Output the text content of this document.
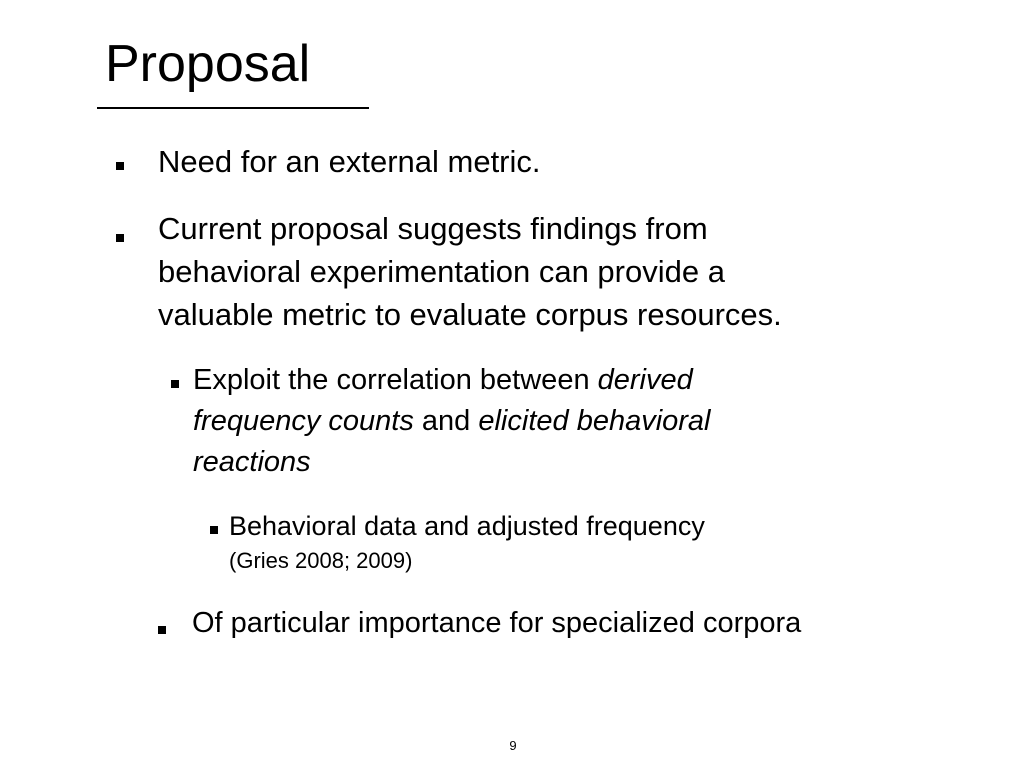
Proposal
Need for an external metric.
Current proposal suggests findings from
behavioral experimentation can provide a
valuable metric to evaluate corpus resources.
Exploit the correlation between derived
frequency counts and elicited behavioral
reactions
Behavioral data and adjusted frequency
(Gries 2008; 2009)
Of particular importance for specialized corpora
9
